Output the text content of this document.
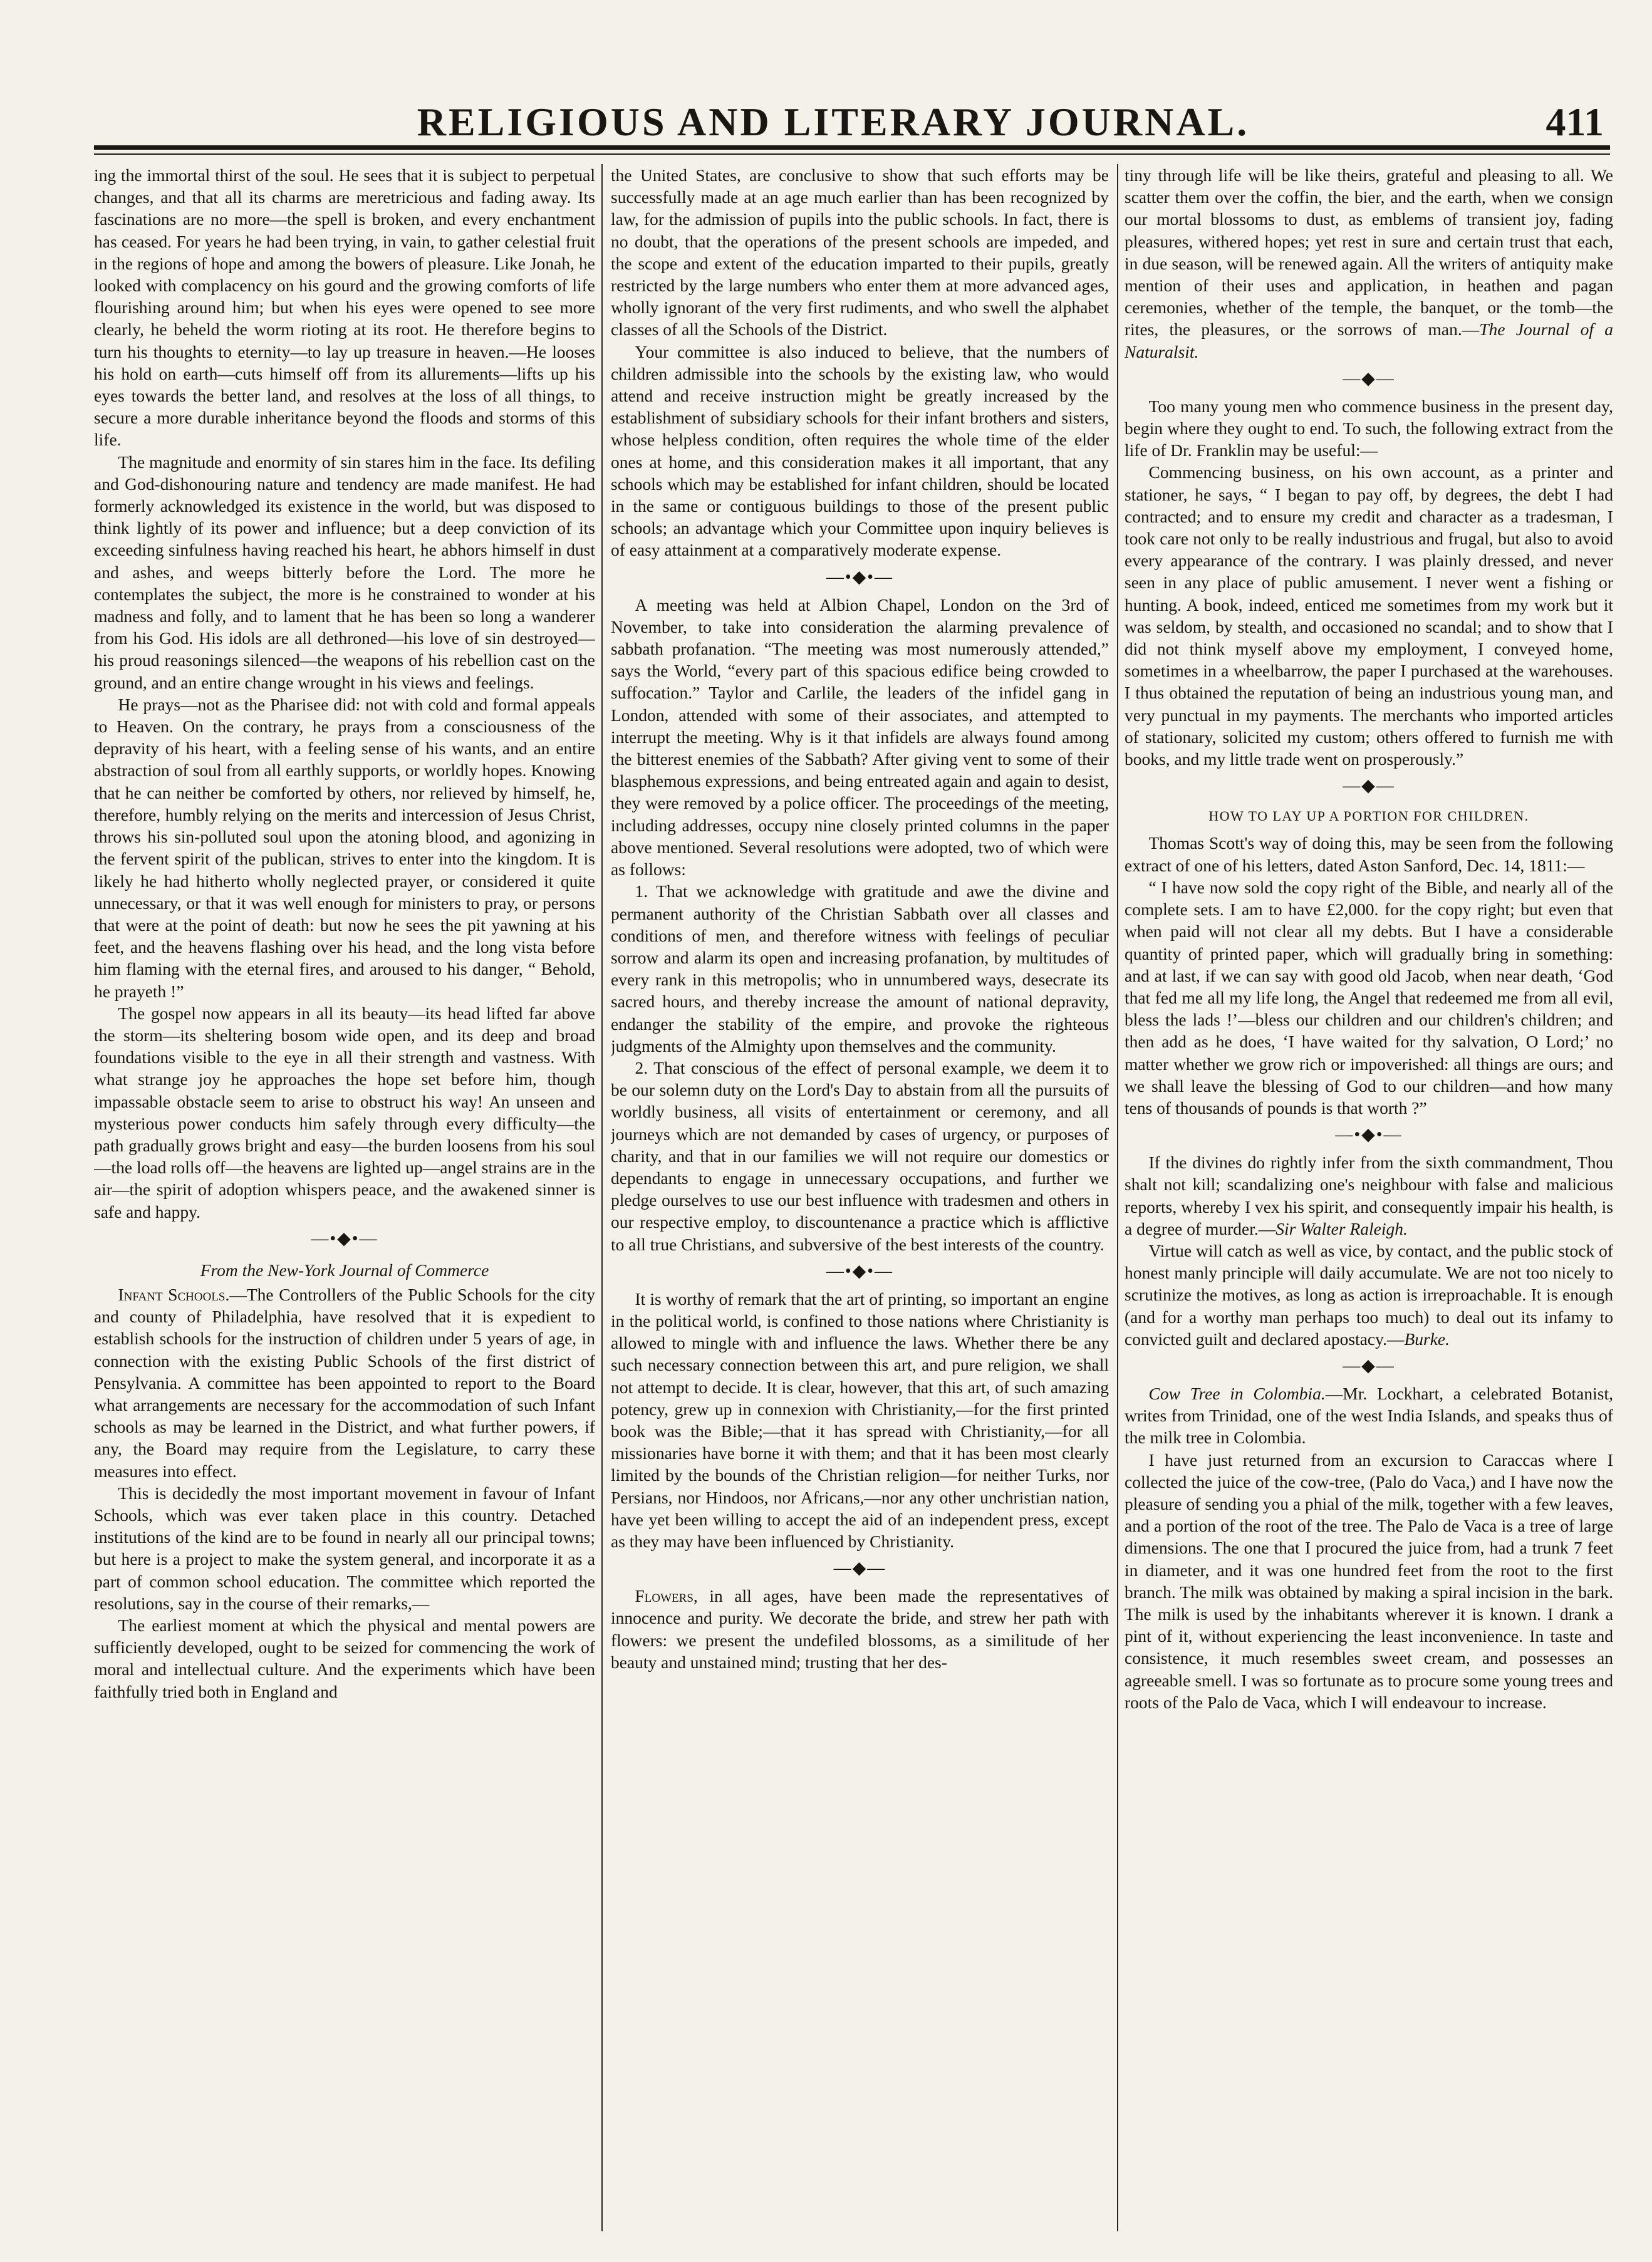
RELIGIOUS AND LITERARY JOURNAL.	411

ing the immortal thirst of the soul. He sees that it is subject to perpetual changes, and that all its charms are meretricious and fading away. Its fascinations are no more—the spell is broken, and every enchantment has ceased. For years he had been trying, in vain, to gather celestial fruit in the regions of hope and among the bowers of pleasure. Like Jonah, he looked with complacency on his gourd and the growing comforts of life flourishing around him; but when his eyes were opened to see more clearly, he beheld the worm rioting at its root. He therefore begins to turn his thoughts to eternity—to lay up treasure in heaven.—He looses his hold on earth—cuts himself off from its allurements—lifts up his eyes towards the better land, and resolves at the loss of all things, to secure a more durable inheritance beyond the floods and storms of this life.

The magnitude and enormity of sin stares him in the face. Its defiling and God-dishonouring nature and tendency are made manifest. He had formerly acknowledged its existence in the world, but was disposed to think lightly of its power and influence; but a deep conviction of its exceeding sinfulness having reached his heart, he abhors himself in dust and ashes, and weeps bitterly before the Lord. The more he contemplates the subject, the more is he constrained to wonder at his madness and folly, and to lament that he has been so long a wanderer from his God. His idols are all dethroned—his love of sin destroyed—his proud reasonings silenced—the weapons of his rebellion cast on the ground, and an entire change wrought in his views and feelings.

He prays—not as the Pharisee did: not with cold and formal appeals to Heaven. On the contrary, he prays from a consciousness of the depravity of his heart, with a feeling sense of his wants, and an entire abstraction of soul from all earthly supports, or worldly hopes. Knowing that he can neither be comforted by others, nor relieved by himself, he, therefore, humbly relying on the merits and intercession of Jesus Christ, throws his sin-polluted soul upon the atoning blood, and agonizing in the fervent spirit of the publican, strives to enter into the kingdom. It is likely he had hitherto wholly neglected prayer, or considered it quite unnecessary, or that it was well enough for ministers to pray, or persons that were at the point of death: but now he sees the pit yawning at his feet, and the heavens flashing over his head, and the long vista before him flaming with the eternal fires, and aroused to his danger, “ Behold, he prayeth !”

The gospel now appears in all its beauty—its head lifted far above the storm—its sheltering bosom wide open, and its deep and broad foundations visible to the eye in all their strength and vastness. With what strange joy he approaches the hope set before him, though impassable obstacle seem to arise to obstruct his way! An unseen and mysterious power conducts him safely through every difficulty—the path gradually grows bright and easy—the burden loosens from his soul—the load rolls off—the heavens are lighted up—angel strains are in the air—the spirit of adoption whispers peace, and the awakened sinner is safe and happy.

—•◆•—
From the New-York Journal of Commerce

Infant Schools.—The Controllers of the Public Schools for the city and county of Philadelphia, have resolved that it is expedient to establish schools for the instruction of children under 5 years of age, in connection with the existing Public Schools of the first district of Pensylvania. A committee has been appointed to report to the Board what arrangements are necessary for the accommodation of such Infant schools as may be learned in the District, and what further powers, if any, the Board may require from the Legislature, to carry these measures into effect.

This is decidedly the most important movement in favour of Infant Schools, which was ever taken place in this country. Detached institutions of the kind are to be found in nearly all our principal towns; but here is a project to make the system general, and incorporate it as a part of common school education. The committee which reported the resolutions, say in the course of their remarks,—

The earliest moment at which the physical and mental powers are sufficiently developed, ought to be seized for commencing the work of moral and intellectual culture. And the experiments which have been faithfully tried both in England and

the United States, are conclusive to show that such efforts may be successfully made at an age much earlier than has been recognized by law, for the admission of pupils into the public schools. In fact, there is no doubt, that the operations of the present schools are impeded, and the scope and extent of the education imparted to their pupils, greatly restricted by the large numbers who enter them at more advanced ages, wholly ignorant of the very first rudiments, and who swell the alphabet classes of all the Schools of the District.

Your committee is also induced to believe, that the numbers of children admissible into the schools by the existing law, who would attend and receive instruction might be greatly increased by the establishment of subsidiary schools for their infant brothers and sisters, whose helpless condition, often requires the whole time of the elder ones at home, and this consideration makes it all important, that any schools which may be established for infant children, should be located in the same or contiguous buildings to those of the present public schools; an advantage which your Committee upon inquiry believes is of easy attainment at a comparatively moderate expense.

—•◆•—

A meeting was held at Albion Chapel, London on the 3rd of November, to take into consideration the alarming prevalence of sabbath profanation. “The meeting was most numerously attended,” says the World, “every part of this spacious edifice being crowded to suffocation.” Taylor and Carlile, the leaders of the infidel gang in London, attended with some of their associates, and attempted to interrupt the meeting. Why is it that infidels are always found among the bitterest enemies of the Sabbath? After giving vent to some of their blasphemous expressions, and being entreated again and again to desist, they were removed by a police officer. The proceedings of the meeting, including addresses, occupy nine closely printed columns in the paper above mentioned. Several resolutions were adopted, two of which were as follows:

1. That we acknowledge with gratitude and awe the divine and permanent authority of the Christian Sabbath over all classes and conditions of men, and therefore witness with feelings of peculiar sorrow and alarm its open and increasing profanation, by multitudes of every rank in this metropolis; who in unnumbered ways, desecrate its sacred hours, and thereby increase the amount of national depravity, endanger the stability of the empire, and provoke the righteous judgments of the Almighty upon themselves and the community.

2. That conscious of the effect of personal example, we deem it to be our solemn duty on the Lord's Day to abstain from all the pursuits of worldly business, all visits of entertainment or ceremony, and all journeys which are not demanded by cases of urgency, or purposes of charity, and that in our families we will not require our domestics or dependants to engage in unnecessary occupations, and further we pledge ourselves to use our best influence with tradesmen and others in our respective employ, to discountenance a practice which is afflictive to all true Christians, and subversive of the best interests of the country.

—•◆•—

It is worthy of remark that the art of printing, so important an engine in the political world, is confined to those nations where Christianity is allowed to mingle with and influence the laws. Whether there be any such necessary connection between this art, and pure religion, we shall not attempt to decide. It is clear, however, that this art, of such amazing potency, grew up in connexion with Christianity,—for the first printed book was the Bible;—that it has spread with Christianity,—for all missionaries have borne it with them; and that it has been most clearly limited by the bounds of the Christian religion—for neither Turks, nor Persians, nor Hindoos, nor Africans,—nor any other unchristian nation, have yet been willing to accept the aid of an independent press, except as they may have been influenced by Christianity.

—◆—

Flowers, in all ages, have been made the representatives of innocence and purity. We decorate the bride, and strew her path with flowers: we present the undefiled blossoms, as a similitude of her beauty and unstained mind; trusting that her des-

tiny through life will be like theirs, grateful and pleasing to all. We scatter them over the coffin, the bier, and the earth, when we consign our mortal blossoms to dust, as emblems of transient joy, fading pleasures, withered hopes; yet rest in sure and certain trust that each, in due season, will be renewed again. All the writers of antiquity make mention of their uses and application, in heathen and pagan ceremonies, whether of the temple, the banquet, or the tomb—the rites, the pleasures, or the sorrows of man.—The Journal of a Naturalsit.

—◆—

Too many young men who commence business in the present day, begin where they ought to end. To such, the following extract from the life of Dr. Franklin may be useful:—

Commencing business, on his own account, as a printer and stationer, he says, “ I began to pay off, by degrees, the debt I had contracted; and to ensure my credit and character as a tradesman, I took care not only to be really industrious and frugal, but also to avoid every appearance of the contrary. I was plainly dressed, and never seen in any place of public amusement. I never went a fishing or hunting. A book, indeed, enticed me sometimes from my work but it was seldom, by stealth, and occasioned no scandal; and to show that I did not think myself above my employment, I conveyed home, sometimes in a wheelbarrow, the paper I purchased at the warehouses. I thus obtained the reputation of being an industrious young man, and very punctual in my payments. The merchants who imported articles of stationary, solicited my custom; others offered to furnish me with books, and my little trade went on prosperously.”

—◆—
HOW TO LAY UP A PORTION FOR CHILDREN.

Thomas Scott's way of doing this, may be seen from the following extract of one of his letters, dated Aston Sanford, Dec. 14, 1811:—

“ I have now sold the copy right of the Bible, and nearly all of the complete sets. I am to have £2,000. for the copy right; but even that when paid will not clear all my debts. But I have a considerable quantity of printed paper, which will gradually bring in something: and at last, if we can say with good old Jacob, when near death, ‘God that fed me all my life long, the Angel that redeemed me from all evil, bless the lads !’—bless our children and our children's children; and then add as he does, ‘I have waited for thy salvation, O Lord;’ no matter whether we grow rich or impoverished: all things are ours; and we shall leave the blessing of God to our children—and how many tens of thousands of pounds is that worth ?”

—•◆•—

If the divines do rightly infer from the sixth commandment, Thou shalt not kill; scandalizing one's neighbour with false and malicious reports, whereby I vex his spirit, and consequently impair his health, is a degree of murder.—Sir Walter Raleigh.

Virtue will catch as well as vice, by contact, and the public stock of honest manly principle will daily accumulate. We are not too nicely to scrutinize the motives, as long as action is irreproachable. It is enough (and for a worthy man perhaps too much) to deal out its infamy to convicted guilt and declared apostacy.—Burke.

—◆—

Cow Tree in Colombia.—Mr. Lockhart, a celebrated Botanist, writes from Trinidad, one of the west India Islands, and speaks thus of the milk tree in Colombia.

I have just returned from an excursion to Caraccas where I collected the juice of the cow-tree, (Palo do Vaca,) and I have now the pleasure of sending you a phial of the milk, together with a few leaves, and a portion of the root of the tree. The Palo de Vaca is a tree of large dimensions. The one that I procured the juice from, had a trunk 7 feet in diameter, and it was one hundred feet from the root to the first branch. The milk was obtained by making a spiral incision in the bark. The milk is used by the inhabitants wherever it is known. I drank a pint of it, without experiencing the least inconvenience. In taste and consistence, it much resembles sweet cream, and possesses an agreeable smell. I was so fortunate as to procure some young trees and roots of the Palo de Vaca, which I will endeavour to increase.
